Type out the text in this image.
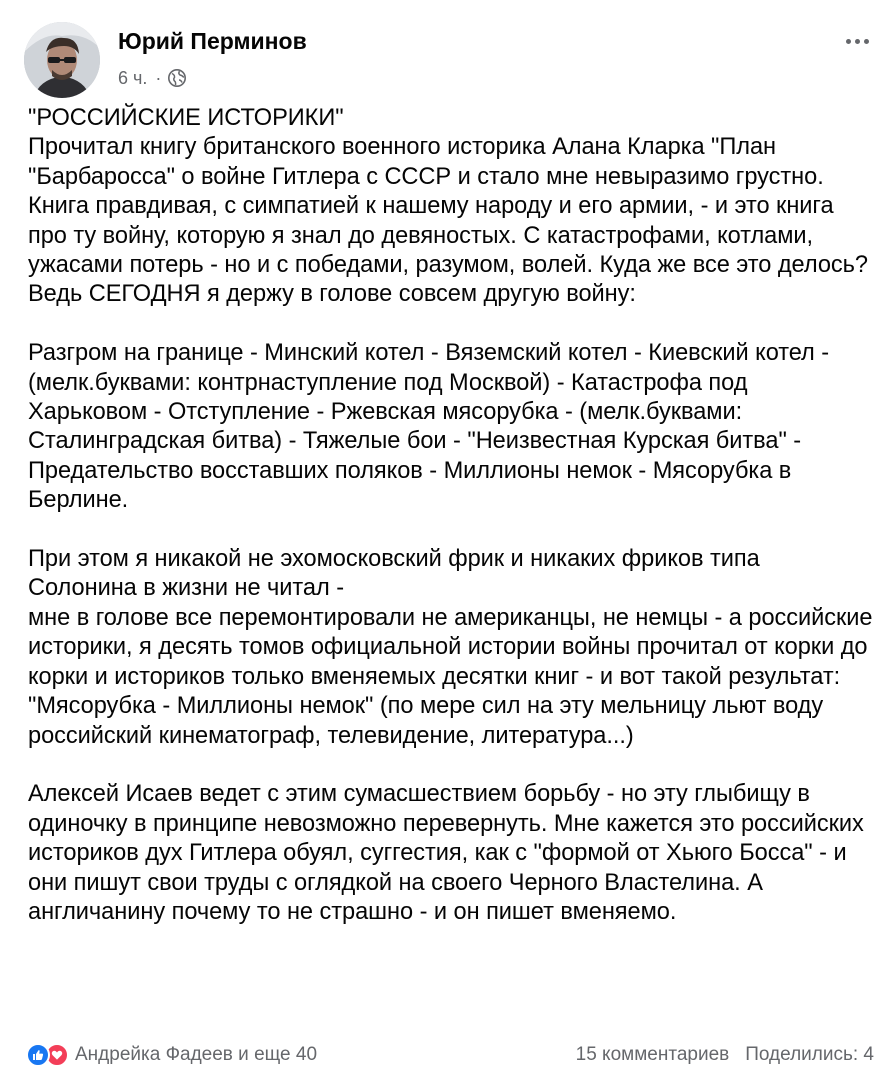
Юрий Перминов
6 ч. ·

"РОССИЙСКИЕ ИСТОРИКИ"
Прочитал книгу британского военного историка Алана Кларка "План "Барбаросса" о войне Гитлера с СССР и стало мне невыразимо грустно. Книга правдивая, с симпатией к нашему народу и его армии, - и это книга про ту войну, которую я знал до девяностых. С катастрофами, котлами, ужасами потерь - но и с победами, разумом, волей. Куда же все это делось? Ведь СЕГОДНЯ я держу в голове совсем другую войну:

Разгром на границе - Минский котел - Вяземский котел - Киевский котел - (мелк.буквами: контрнаступление под Москвой) - Катастрофа под Харьковом - Отступление - Ржевская мясорубка - (мелк.буквами: Сталинградская битва) - Тяжелые бои - "Неизвестная Курская битва" - Предательство восставших поляков - Миллионы немок - Мясорубка в Берлине.

При этом я никакой не эхомосковский фрик и никаких фриков типа Солонина в жизни не читал -
мне в голове все перемонтировали не американцы, не немцы - а российские историки, я десять томов официальной истории войны прочитал от корки до корки и историков только вменяемых десятки книг - и вот такой результат: "Мясорубка - Миллионы немок" (по мере сил на эту мельницу льют воду российский кинематограф, телевидение, литература...)

Алексей Исаев ведет с этим сумасшествием борьбу - но эту глыбищу в одиночку в принципе невозможно перевернуть. Мне кажется это российских историков дух Гитлера обуял, суггестия, как с "формой от Хьюго Босса" - и они пишут свои труды с оглядкой на своего Черного Властелина. А англичанину почему то не страшно - и он пишет вменяемо.

Андрейка Фадеев и еще 40	15 комментариев Поделились: 4
